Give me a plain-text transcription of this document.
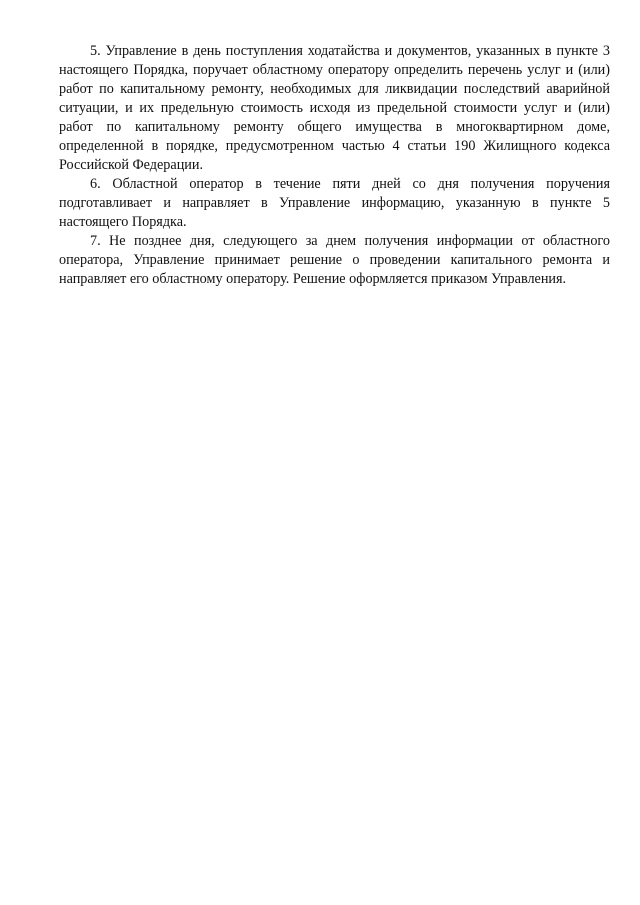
5. Управление в день поступления ходатайства и документов, указанных в пункте 3 настоящего Порядка, поручает областному оператору определить перечень услуг и (или) работ по капитальному ремонту, необходимых для ликвидации последствий аварийной ситуации, и их предельную стоимость исходя из предельной стоимости услуг и (или) работ по капитальному ремонту общего имущества в многоквартирном доме, определенной в порядке, предусмотренном частью 4 статьи 190 Жилищного кодекса Российской Федерации.

6. Областной оператор в течение пяти дней со дня получения поручения подготавливает и направляет в Управление информацию, указанную в пункте 5 настоящего Порядка.

7. Не позднее дня, следующего за днем получения информации от областного оператора, Управление принимает решение о проведении капитального ремонта и направляет его областному оператору. Решение оформляется приказом Управления.
